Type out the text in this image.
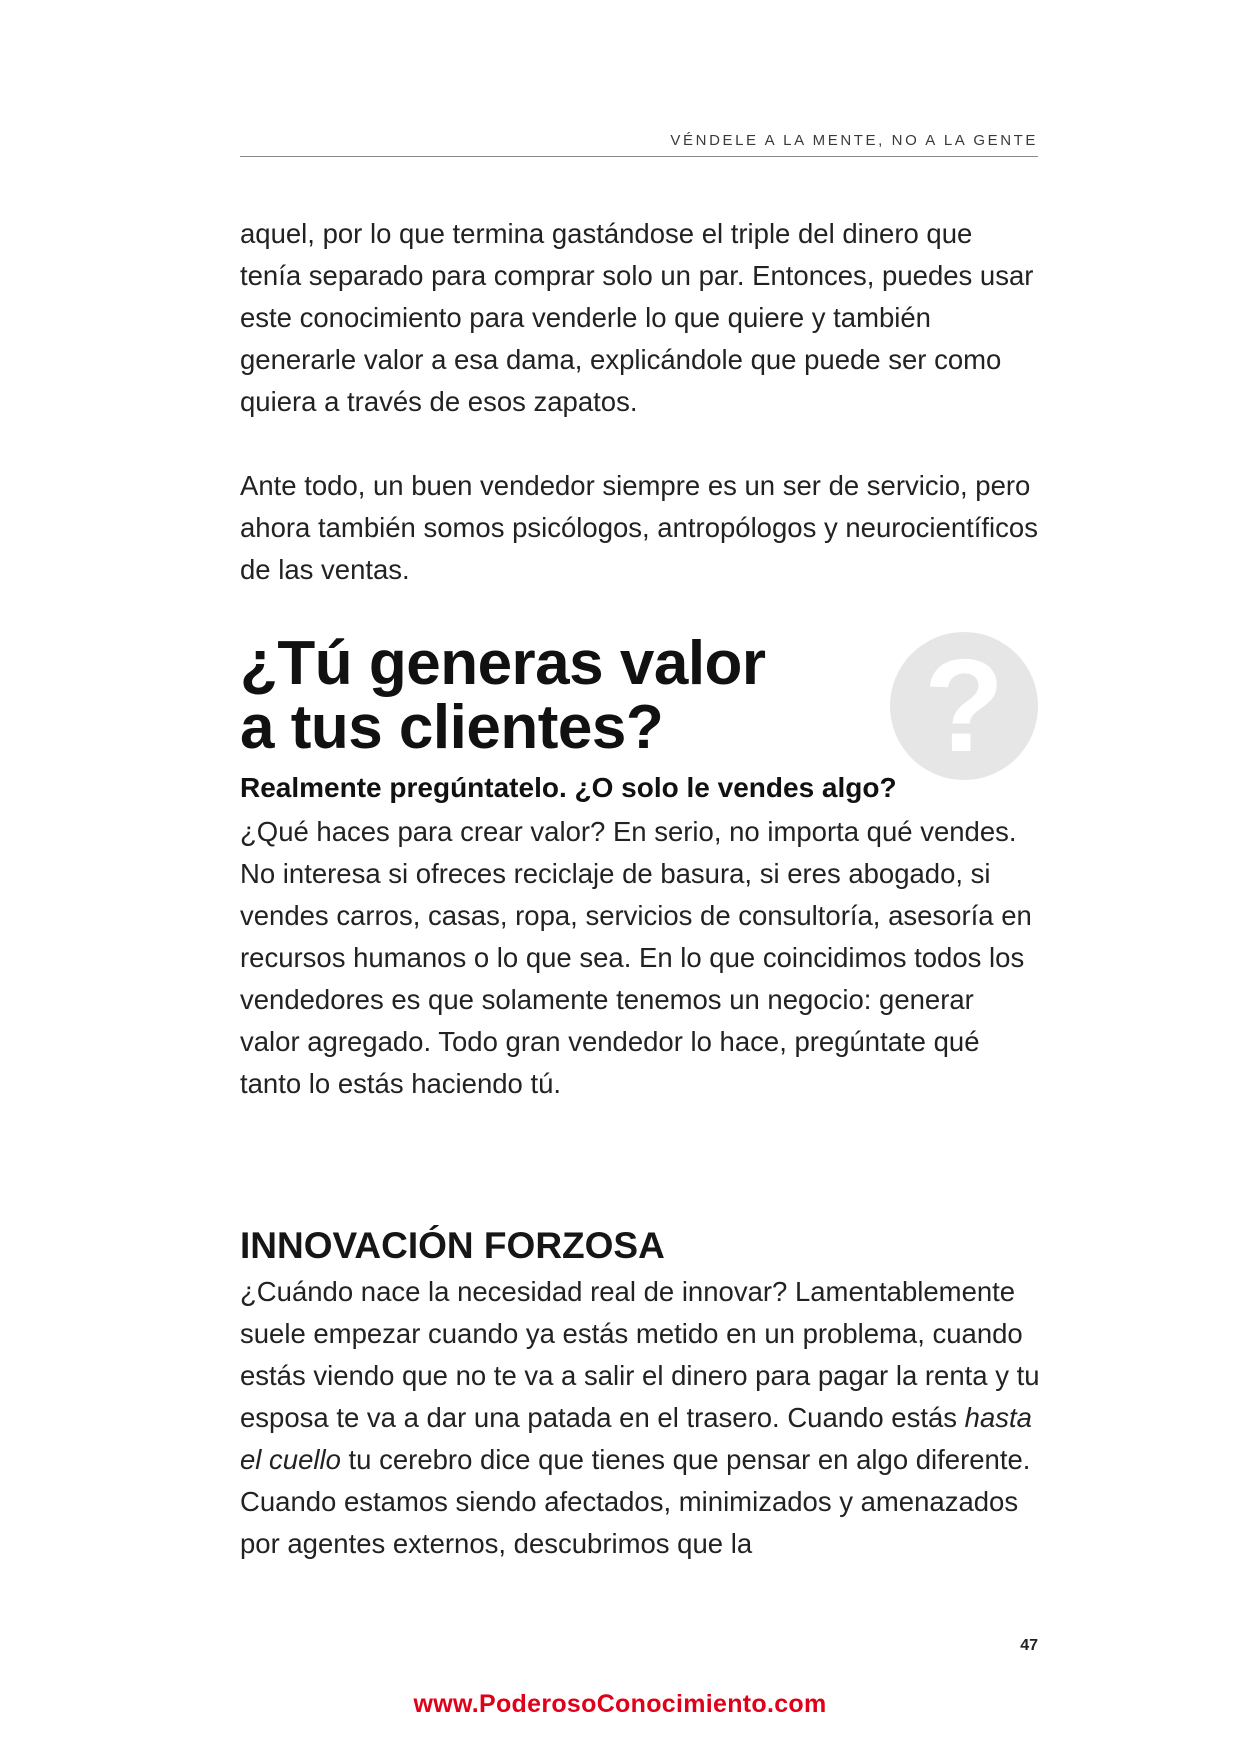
VÉNDELE A LA MENTE, NO A LA GENTE

aquel, por lo que termina gastándose el triple del dinero que tenía separado para comprar solo un par. Entonces, puedes usar este conocimiento para venderle lo que quiere y también generarle valor a esa dama, explicándole que puede ser como quiera a través de esos zapatos.

Ante todo, un buen vendedor siempre es un ser de servicio, pero ahora también somos psicólogos, antropólogos y neurocientíficos de las ventas.

?
¿Tú generas valor
a tus clientes?
Realmente pregúntatelo. ¿O solo le vendes algo?

¿Qué haces para crear valor? En serio, no importa qué vendes. No interesa si ofreces reciclaje de basura, si eres abogado, si vendes carros, casas, ropa, servicios de consultoría, asesoría en recursos humanos o lo que sea. En lo que coincidimos todos los vendedores es que solamente tenemos un negocio: generar valor agregado. Todo gran vendedor lo hace, pregúntate qué tanto lo estás haciendo tú.

INNOVACIÓN FORZOSA

¿Cuándo nace la necesidad real de innovar? Lamentablemente suele empezar cuando ya estás metido en un problema, cuando estás viendo que no te va a salir el dinero para pagar la renta y tu esposa te va a dar una patada en el trasero. Cuando estás hasta el cuello tu cerebro dice que tienes que pensar en algo diferente. Cuando estamos siendo afectados, minimizados y amenazados por agentes externos, descubrimos que la

47
www.PoderosoConocimiento.com
